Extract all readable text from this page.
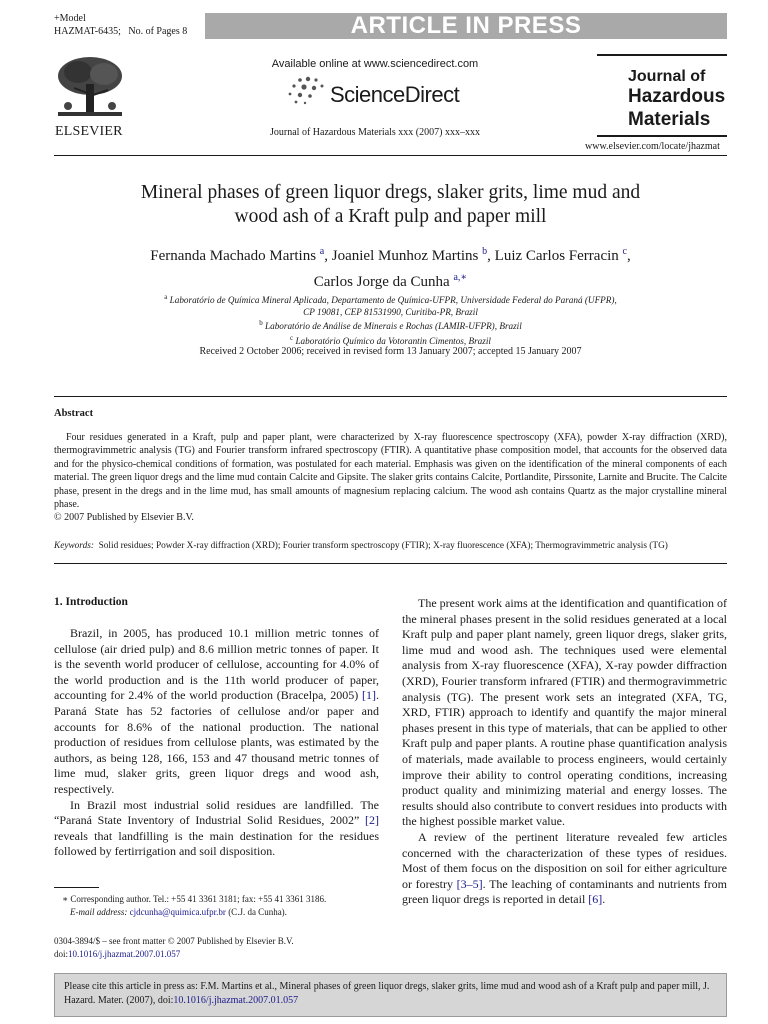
+Model
HAZMAT-6435; No. of Pages 8	ARTICLE IN PRESS
ELSEVIER
Available online at www.sciencedirect.com
ScienceDirect
Journal of
Hazardous
Materials
Journal of Hazardous Materials xxx (2007) xxx–xxx
www.elsevier.com/locate/jhazmat
Mineral phases of green liquor dregs, slaker grits, lime mud and
wood ash of a Kraft pulp and paper mill
Fernanda Machado Martins $^a$, Joaniel Munhoz Martins $^b$, Luiz Carlos Ferracin $^c$,
Carlos Jorge da Cunha $^{a,∗}$
$^a$ Laboratório de Química Mineral Aplicada, Departamento de Química-UFPR, Universidade Federal do Paraná (UFPR),
CP 19081, CEP 81531990, Curitiba-PR, Brazil
$^b$ Laboratório de Análise de Minerais e Rochas (LAMIR-UFPR), Brazil
$^c$ Laboratório Químico da Votorantin Cimentos, Brazil
Received 2 October 2006; received in revised form 13 January 2007; accepted 15 January 2007
Abstract

Four residues generated in a Kraft, pulp and paper plant, were characterized by X-ray fluorescence spectroscopy (XFA), powder X-ray diffraction (XRD), thermogravimmetric analysis (TG) and Fourier transform infrared spectroscopy (FTIR). A quantitative phase composition model, that accounts for the observed data and for the physico-chemical conditions of formation, was postulated for each material. Emphasis was given on the identification of the mineral components of each material. The green liquor dregs and the lime mud contain Calcite and Gipsite. The slaker grits contains Calcite, Portlandite, Pirssonite, Larnite and Brucite. The Calcite phase, present in the dregs and in the lime mud, has small amounts of magnesium replacing calcium. The wood ash contains Quartz as the major crystalline mineral phase.

© 2007 Published by Elsevier B.V.

Keywords: Solid residues; Powder X-ray diffraction (XRD); Fourier transform spectroscopy (FTIR); X-ray fluorescence (XFA); Thermogravimmetric analysis (TG)
1. Introduction

Brazil, in 2005, has produced 10.1 million metric tonnes of cellulose (air dried pulp) and 8.6 million metric tonnes of paper. It is the seventh world producer of cellulose, accounting for 4.0% of the world production and is the 11th world producer of paper, accounting for 2.4% of the world production (Bracelpa, 2005) [1]. Paraná State has 52 factories of cellulose and/or paper and accounts for 8.6% of the national production. The national production of residues from cellulose plants, was estimated by the authors, as being 128, 166, 153 and 47 thousand metric tonnes of lime mud, slaker grits, green liquor dregs and wood ash, respectively.

In Brazil most industrial solid residues are landfilled. The “Paraná State Inventory of Industrial Solid Residues, 2002” [2] reveals that landfilling is the main destination for the residues followed by fertirrigation and soil disposition.

The present work aims at the identification and quantification of the mineral phases present in the solid residues generated at a local Kraft pulp and paper plant namely, green liquor dregs, slaker grits, lime mud and wood ash. The techniques used were elemental analysis from X-ray fluorescence (XFA), X-ray powder diffraction (XRD), Fourier transform infrared (FTIR) and thermogravimmetric analysis (TG). The present work sets an integrated (XFA, TG, XRD, FTIR) approach to identify and quantify the major mineral phases present in this type of materials, that can be applied to other Kraft pulp and paper plants. A routine phase quantification analysis of materials, made available to process engineers, would certainly improve their ability to control operating conditions, increasing product quality and minimizing material and energy losses. The results should also contribute to convert residues into products with the highest possible market value.

A review of the pertinent literature revealed few articles concerned with the characterization of these types of residues. Most of them focus on the disposition on soil for either agriculture or forestry [3–5]. The leaching of contaminants and nutrients from green liquor dregs is reported in detail [6].

∗ Corresponding author. Tel.: +55 41 3361 3181; fax: +55 41 3361 3186.
E-mail address: cjdcunha@quimica.ufpr.br (C.J. da Cunha).
0304-3894/$ – see front matter © 2007 Published by Elsevier B.V.
doi:10.1016/j.jhazmat.2007.01.057
Please cite this article in press as: F.M. Martins et al., Mineral phases of green liquor dregs, slaker grits, lime mud and wood ash of a Kraft pulp and paper mill, J. Hazard. Mater. (2007), doi:10.1016/j.jhazmat.2007.01.057
